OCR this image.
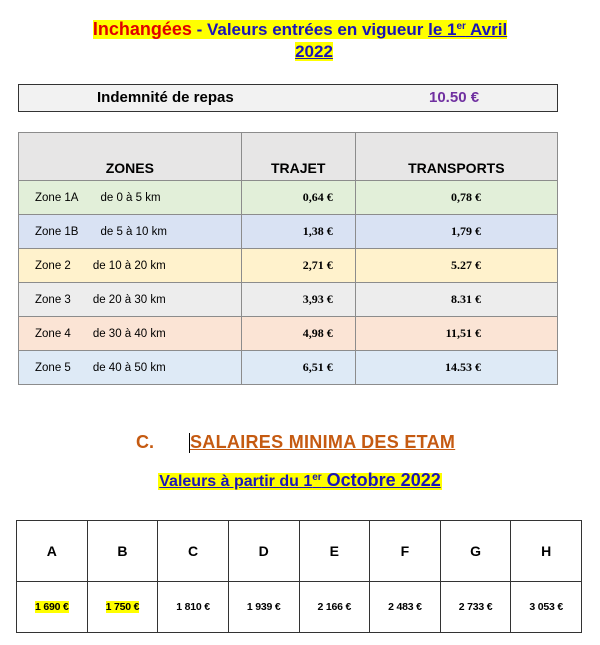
Inchangées - Valeurs entrées en vigueur le 1er Avril
2022
Indemnité de repas	10.50 €
ZONES	TRAJET	TRANSPORTS
Zone 1A de 0 à 5 km	0,64 €	0,78 €
Zone 1B de 5 à 10 km	1,38 €	1,79 €
Zone 2 de 10 à 20 km	2,71 €	5.27 €
Zone 3 de 20 à 30 km	3,93 €	8.31 €
Zone 4 de 30 à 40 km	4,98 €	11,51 €
Zone 5 de 40 à 50 km	6,51 €	14.53 €
C. SALAIRES MINIMA DES ETAM
Valeurs à partir du 1er Octobre 2022
A	B	C	D	E	F	G	H
1 690 €	1 750 €	1 810 €	1 939 €	2 166 €	2 483 €	2 733 €	3 053 €
